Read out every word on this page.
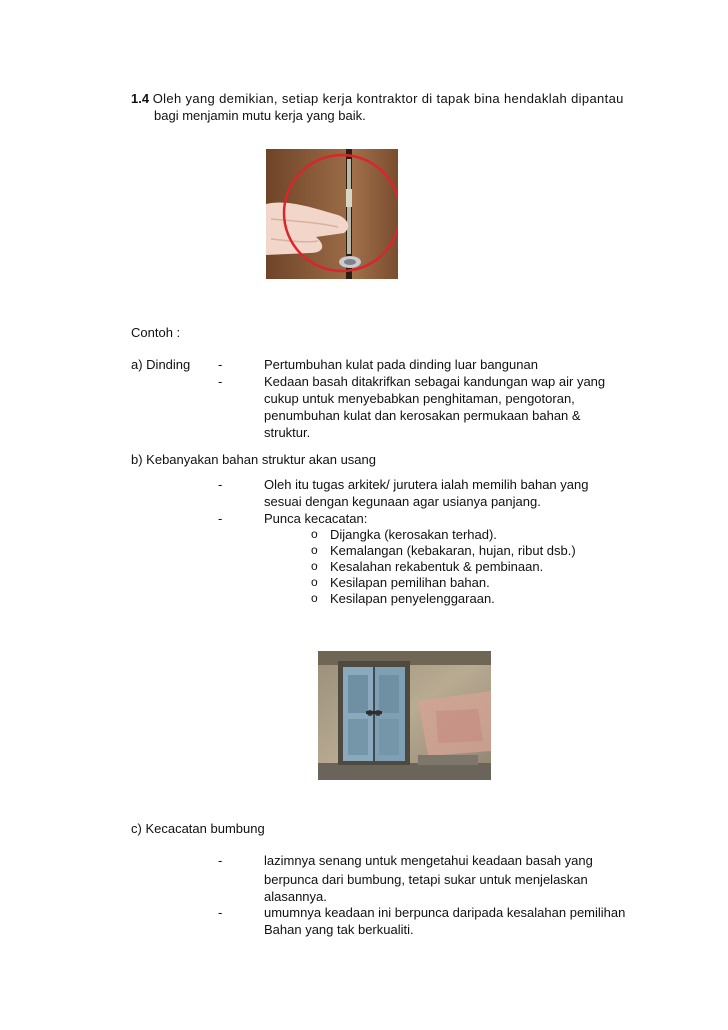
1.4 Oleh yang demikian, setiap kerja kontraktor di tapak bina hendaklah dipantau
bagi menjamin mutu kerja yang baik.
Contoh :
a) Dinding -	Pertumbuhan kulat pada dinding luar bangunan
-	Kedaan basah ditakrifkan sebagai kandungan wap air yang
cukup untuk menyebabkan penghitaman, pengotoran,
penumbuhan kulat dan kerosakan permukaan bahan &
struktur.
b) Kebanyakan bahan struktur akan usang
-	Oleh itu tugas arkitek/ jurutera ialah memilih bahan yang
sesuai dengan kegunaan agar usianya panjang.
-	Punca kecacatan:
o Dijangka (kerosakan terhad).
o Kemalangan (kebakaran, hujan, ribut dsb.)
o Kesalahan rekabentuk & pembinaan.
o Kesilapan pemilihan bahan.
o Kesilapan penyelenggaraan.
c) Kecacatan bumbung
-	lazimnya senang untuk mengetahui keadaan basah yang
berpunca dari bumbung, tetapi sukar untuk menjelaskan
alasannya.
-	umumnya keadaan ini berpunca daripada kesalahan pemilihan
Bahan yang tak berkualiti.
